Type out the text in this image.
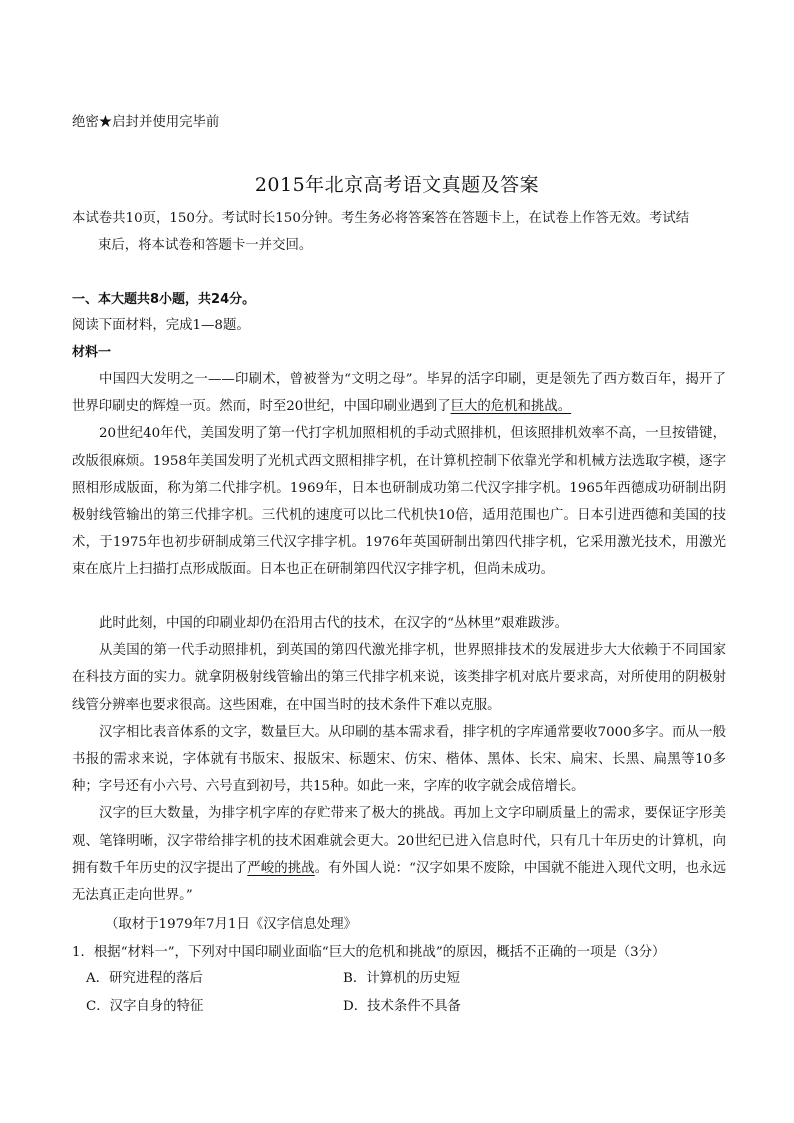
绝密★启封并使用完毕前
2015年北京高考语文真题及答案

本试卷共10页，150分。考试时长150分钟。考生务必将答案答在答题卡上，在试卷上作答无效。考试结

束后，将本试卷和答题卡一并交回。

一、本大题共8小题，共24分。
阅读下面材料，完成1—8题。
材料一

中国四大发明之一——印刷术，曾被誉为“文明之母”。毕昇的活字印刷，更是领先了西方数百年，揭开了世界印刷史的辉煌一页。然而，时至20世纪，中国印刷业遇到了巨大的危机和挑战。

20世纪40年代，美国发明了第一代打字机加照相机的手动式照排机，但该照排机效率不高，一旦按错键，改版很麻烦。1958年美国发明了光机式西文照相排字机，在计算机控制下依靠光学和机械方法选取字模，逐字照相形成版面，称为第二代排字机。1969年，日本也研制成功第二代汉字排字机。1965年西德成功研制出阴极射线管输出的第三代排字机。三代机的速度可以比二代机快10倍，适用范围也广。日本引进西德和美国的技术，于1975年也初步研制成第三代汉字排字机。1976年英国研制出第四代排字机，它采用激光技术，用激光束在底片上扫描打点形成版面。日本也正在研制第四代汉字排字机，但尚未成功。

此时此刻，中国的印刷业却仍在沿用古代的技术，在汉字的“丛林里”艰难跋涉。

从美国的第一代手动照排机，到英国的第四代激光排字机，世界照排技术的发展进步大大依赖于不同国家在科技方面的实力。就拿阴极射线管输出的第三代排字机来说，该类排字机对底片要求高，对所使用的阴极射线管分辨率也要求很高。这些困难，在中国当时的技术条件下难以克服。

汉字相比表音体系的文字，数量巨大。从印刷的基本需求看，排字机的字库通常要收7000多字。而从一般书报的需求来说，字体就有书版宋、报版宋、标题宋、仿宋、楷体、黑体、长宋、扁宋、长黑、扁黑等10多种；字号还有小六号、六号直到初号，共15种。如此一来，字库的收字就会成倍增长。

汉字的巨大数量，为排字机字库的存贮带来了极大的挑战。再加上文字印刷质量上的需求，要保证字形美观、笔锋明晰，汉字带给排字机的技术困难就会更大。20世纪已进入信息时代，只有几十年历史的计算机，向拥有数千年历史的汉字提出了严峻的挑战。有外国人说：“汉字如果不废除，中国就不能进入现代文明，也永远无法真正走向世界。”

（取材于1979年7月1日《汉字信息处理》
1．根据“材料一”，下列对中国印刷业面临“巨大的危机和挑战”的原因，概括不正确的一项是（3分）
A．研究进程的落后	B．计算机的历史短
C．汉字自身的特征	D．技术条件不具备
